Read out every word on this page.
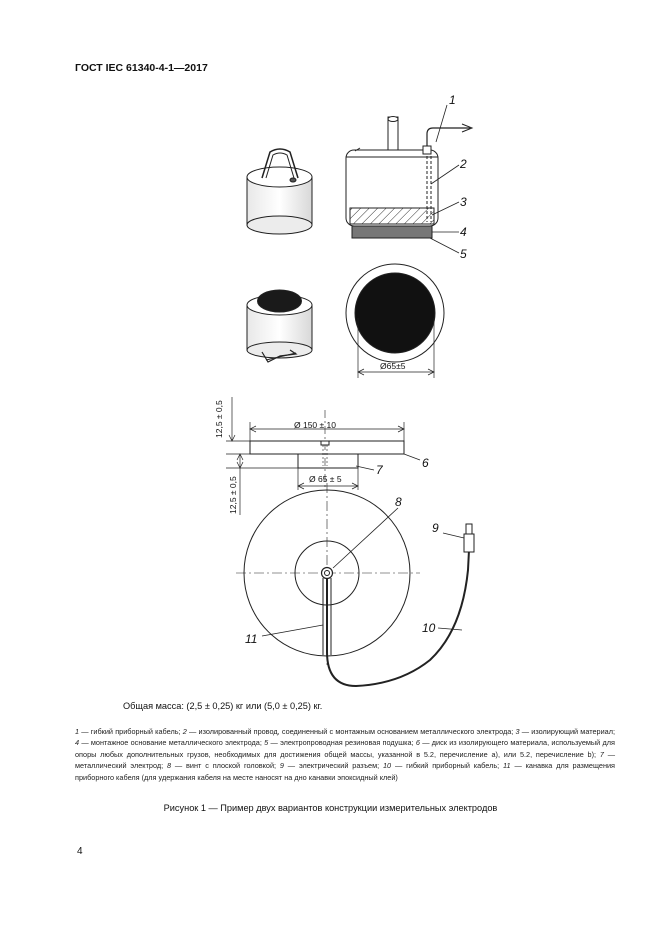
ГОСТ IEC 61340-4-1—2017
1
2
3
4
5
Ø65±5
Ø 150 ± 10
Ø 65 ± 5
12,5 ± 0,5
12,5 ± 0,5
6
7
8
9
10
11
Общая масса: (2,5 ± 0,25) кг или (5,0 ± 0,25) кг.
1 — гибкий приборный кабель; 2 — изолированный провод, соединенный с монтажным основанием металлического электрода; 3 — изолирующий материал; 4 — монтажное основание металлического электрода; 5 — электропроводная резиновая подушка; 6 — диск из изолирующего материала, используемый для опоры любых дополнительных грузов, необходимых для достижения общей массы, указанной в 5.2, перечисление a), или 5.2, перечисление b); 7 — металлический электрод; 8 — винт с плоской головкой; 9 — электрический разъем; 10 — гибкий приборный кабель; 11 — канавка для размещения приборного кабеля (для удержания кабеля на месте наносят на дно канавки эпоксидный клей)
Рисунок 1 — Пример двух вариантов конструкции измерительных электродов
4
